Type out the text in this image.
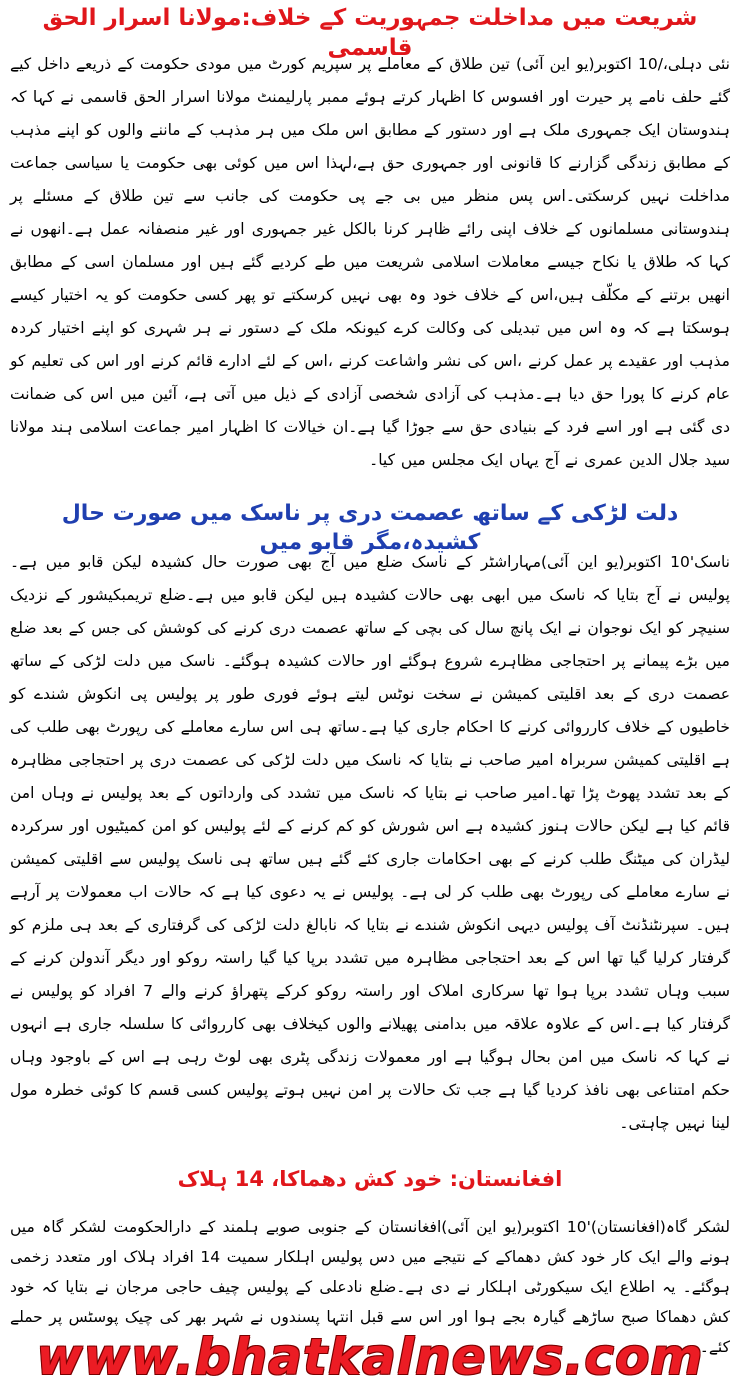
شریعت میں مداخلت جمہوریت کے خلاف:مولانا اسرار الحق قاسمی

نئی دہلی،/10 اکتوبر(یو این آئی) تین طلاق کے معاملے پر سپریم کورٹ میں مودی حکومت کے ذریعے داخل کیے گئے حلف نامے پر حیرت اور افسوس کا اظہار کرتے ہوئے ممبر پارلیمنٹ مولانا اسرار الحق قاسمی نے کہا کہ ہندوستان ایک جمہوری ملک ہے اور دستور کے مطابق اس ملک میں ہر مذہب کے ماننے والوں کو اپنے مذہب کے مطابق زندگی گزارنے کا قانونی اور جمہوری حق ہے،لہذا اس میں کوئی بھی حکومت یا سیاسی جماعت مداخلت نہیں کرسکتی۔اس پس منظر میں بی جے پی حکومت کی جانب سے تین طلاق کے مسئلے پر ہندوستانی مسلمانوں کے خلاف اپنی رائے ظاہر کرنا بالکل غیر جمہوری اور غیر منصفانہ عمل ہے۔انھوں نے کہا کہ طلاق یا نکاح جیسے معاملات اسلامی شریعت میں طے کردیے گئے ہیں اور مسلمان اسی کے مطابق انھیں برتنے کے مکلّف ہیں،اس کے خلاف خود وہ بھی نہیں کرسکتے تو پھر کسی حکومت کو یہ اختیار کیسے ہوسکتا ہے کہ وہ اس میں تبدیلی کی وکالت کرے کیونکہ ملک کے دستور نے ہر شہری کو اپنے اختیار کردہ مذہب اور عقیدے پر عمل کرنے ،اس کی نشر واشاعت کرنے ،اس کے لئے ادارے قائم کرنے اور اس کی تعلیم کو عام کرنے کا پورا حق دیا ہے۔مذہب کی آزادی شخصی آزادی کے ذیل میں آتی ہے، آئین میں اس کی ضمانت دی گئی ہے اور اسے فرد کے بنیادی حق سے جوڑا گیا ہے۔ان خیالات کا اظہار امیر جماعت اسلامی ہند مولانا سید جلال الدین عمری نے آج یہاں ایک مجلس میں کیا۔

دلت لڑکی کے ساتھ عصمت دری پر ناسک میں صورت حال کشیدہ،مگر قابو میں

ناسک'10 اکتوبر(یو این آئی)مہاراشٹر کے ناسک ضلع میں آج بھی صورت حال کشیدہ لیکن قابو میں ہے۔ پولیس نے آج بتایا کہ ناسک میں ابھی بھی حالات کشیدہ ہیں لیکن قابو میں ہے۔ضلع تریمبکیشور کے نزدیک سنیچر کو ایک نوجوان نے ایک پانچ سال کی بچی کے ساتھ عصمت دری کرنے کی کوشش کی جس کے بعد ضلع میں بڑے پیمانے پر احتجاجی مظاہرے شروع ہوگئے اور حالات کشیدہ ہوگئے۔ ناسک میں دلت لڑکی کے ساتھ عصمت دری کے بعد اقلیتی کمیشن نے سخت نوٹس لیتے ہوئے فوری طور پر پولیس پی انکوش شندے کو خاطیوں کے خلاف کارروائی کرنے کا احکام جاری کیا ہے۔ساتھ ہی اس سارے معاملے کی رپورٹ بھی طلب کی ہے اقلیتی کمیشن سربراہ امیر صاحب نے بتایا کہ ناسک میں دلت لڑکی کی عصمت دری پر احتجاجی مظاہرہ کے بعد تشدد پھوٹ پڑا تھا۔امیر صاحب نے بتایا کہ ناسک میں تشدد کی وارداتوں کے بعد پولیس نے وہاں امن قائم کیا ہے لیکن حالات ہنوز کشیدہ ہے اس شورش کو کم کرنے کے لئے پولیس کو امن کمیٹیوں اور سرکردہ لیڈران کی میٹنگ طلب کرنے کے بھی احکامات جاری کئے گئے ہیں ساتھ ہی ناسک پولیس سے اقلیتی کمیشن نے سارے معاملے کی رپورٹ بھی طلب کر لی ہے۔ پولیس نے یہ دعوی کیا ہے کہ حالات اب معمولات پر آرہے ہیں۔ سپرنٹنڈنٹ آف پولیس دیہی انکوش شندے نے بتایا کہ نابالغ دلت لڑکی کی گرفتاری کے بعد ہی ملزم کو گرفتار کرلیا گیا تھا اس کے بعد احتجاجی مظاہرہ میں تشدد برپا کیا گیا راستہ روکو اور دیگر آندولن کرنے کے سبب وہاں تشدد برپا ہوا تھا سرکاری املاک اور راستہ روکو کرکے پتھراؤ کرنے والے 7 افراد کو پولیس نے گرفتار کیا ہے۔اس کے علاوہ علاقہ میں بدامنی پھیلانے والوں کیخلاف بھی کارروائی کا سلسلہ جاری ہے انہوں نے کہا کہ ناسک میں امن بحال ہوگیا ہے اور معمولات زندگی پٹری بھی لوٹ رہی ہے اس کے باوجود وہاں حکم امتناعی بھی نافذ کردیا گیا ہے جب تک حالات پر امن نہیں ہوتے پولیس کسی قسم کا کوئی خطرہ مول لینا نہیں چاہتی۔

افغانستان: خود کش دھماکا، 14 ہلاک

لشکر گاہ(افغانستان)'10 اکتوبر(یو این آئی)افغانستان کے جنوبی صوبے ہلمند کے دارالحکومت لشکر گاہ میں ہونے والے ایک کار خود کش دھماکے کے نتیجے میں دس پولیس اہلکار سمیت 14 افراد ہلاک اور متعدد زخمی ہوگئے۔ یہ اطلاع ایک سیکورٹی اہلکار نے دی ہے۔ضلع نادعلی کے پولیس چیف حاجی مرجان نے بتایا کہ خود کش دھماکا صبح ساڑھے گیارہ بجے ہوا اور اس سے قبل انتہا پسندوں نے شہر بھر کی چیک پوسٹس پر حملے کئے۔

www.bhatkalnews.com
